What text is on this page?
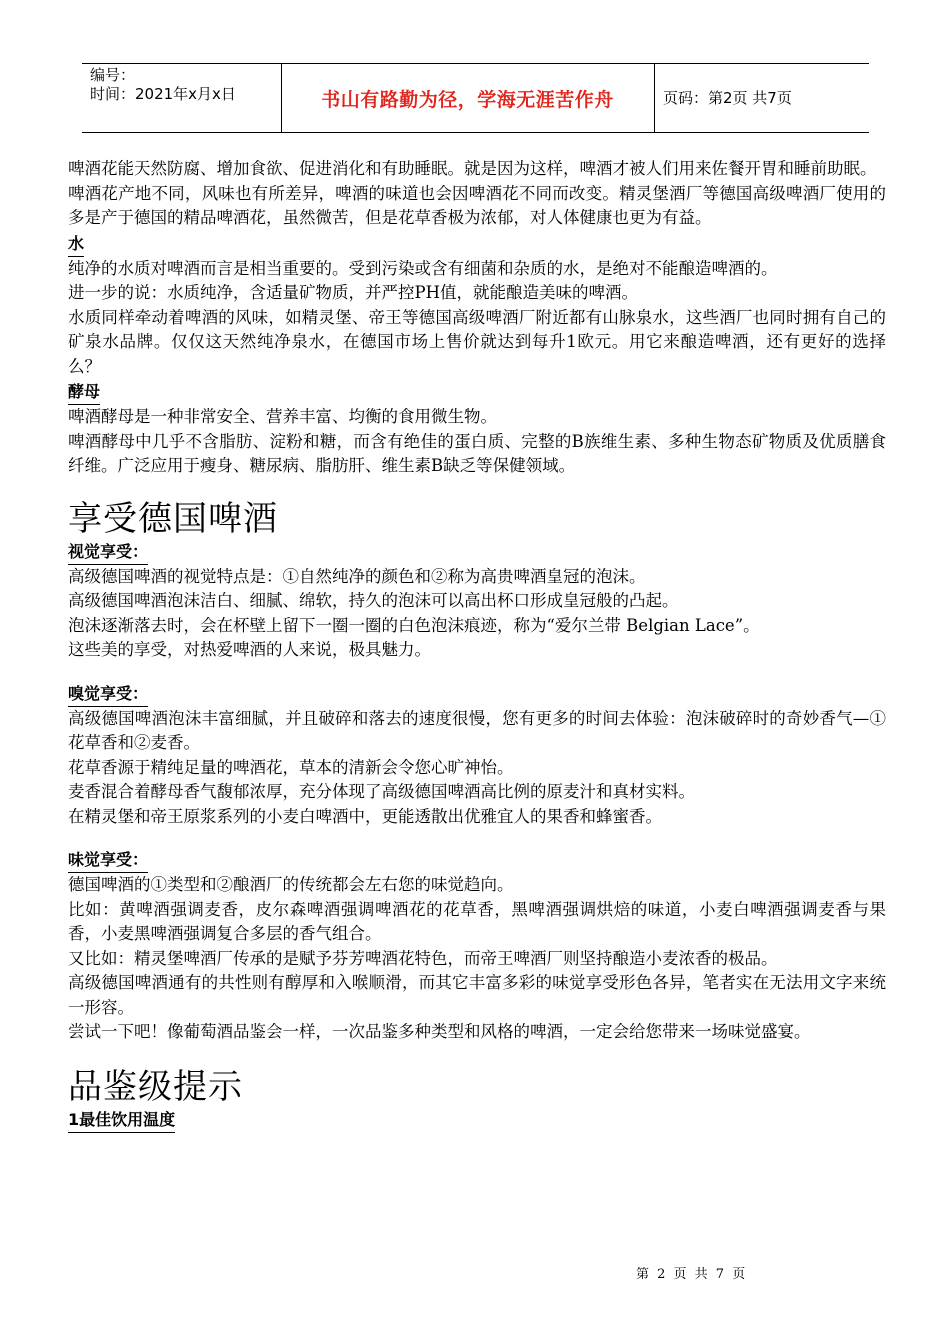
编号：
时间：2021年x月x日	书山有路勤为径，学海无涯苦作舟	页码：第2页 共7页

啤酒花能天然防腐、增加食欲、促进消化和有助睡眠。就是因为这样，啤酒才被人们用来佐餐开胃和睡前助眠。

啤酒花产地不同，风味也有所差异，啤酒的味道也会因啤酒花不同而改变。精灵堡酒厂等德国高级啤酒厂使用的多是产于德国的精品啤酒花，虽然微苦，但是花草香极为浓郁，对人体健康也更为有益。

水

纯净的水质对啤酒而言是相当重要的。受到污染或含有细菌和杂质的水，是绝对不能酿造啤酒的。

进一步的说：水质纯净，含适量矿物质，并严控PH值，就能酿造美味的啤酒。

水质同样牵动着啤酒的风味，如精灵堡、帝王等德国高级啤酒厂附近都有山脉泉水，这些酒厂也同时拥有自己的矿泉水品牌。仅仅这天然纯净泉水，在德国市场上售价就达到每升1欧元。用它来酿造啤酒，还有更好的选择么？

酵母

啤酒酵母是一种非常安全、营养丰富、均衡的食用微生物。

啤酒酵母中几乎不含脂肪、淀粉和糖，而含有绝佳的蛋白质、完整的B族维生素、多种生物态矿物质及优质膳食纤维。广泛应用于瘦身、糖尿病、脂肪肝、维生素B缺乏等保健领域。

享受德国啤酒
视觉享受：

高级德国啤酒的视觉特点是：①自然纯净的颜色和②称为高贵啤酒皇冠的泡沫。

高级德国啤酒泡沫洁白、细腻、绵软，持久的泡沫可以高出杯口形成皇冠般的凸起。

泡沫逐渐落去时，会在杯壁上留下一圈一圈的白色泡沫痕迹，称为“爱尔兰带 Belgian Lace”。

这些美的享受，对热爱啤酒的人来说，极具魅力。

嗅觉享受：

高级德国啤酒泡沫丰富细腻，并且破碎和落去的速度很慢，您有更多的时间去体验：泡沫破碎时的奇妙香气—①花草香和②麦香。

花草香源于精纯足量的啤酒花，草本的清新会令您心旷神怡。

麦香混合着酵母香气馥郁浓厚，充分体现了高级德国啤酒高比例的原麦汁和真材实料。

在精灵堡和帝王原浆系列的小麦白啤酒中，更能透散出优雅宜人的果香和蜂蜜香。

味觉享受：

德国啤酒的①类型和②酿酒厂的传统都会左右您的味觉趋向。

比如：黄啤酒强调麦香，皮尔森啤酒强调啤酒花的花草香，黑啤酒强调烘焙的味道，小麦白啤酒强调麦香与果香，小麦黑啤酒强调复合多层的香气组合。

又比如：精灵堡啤酒厂传承的是赋予芬芳啤酒花特色，而帝王啤酒厂则坚持酿造小麦浓香的极品。

高级德国啤酒通有的共性则有醇厚和入喉顺滑，而其它丰富多彩的味觉享受形色各异，笔者实在无法用文字来统一形容。

尝试一下吧！像葡萄酒品鉴会一样，一次品鉴多种类型和风格的啤酒，一定会给您带来一场味觉盛宴。

品鉴级提示
1最佳饮用温度
第 2 页 共 7 页
